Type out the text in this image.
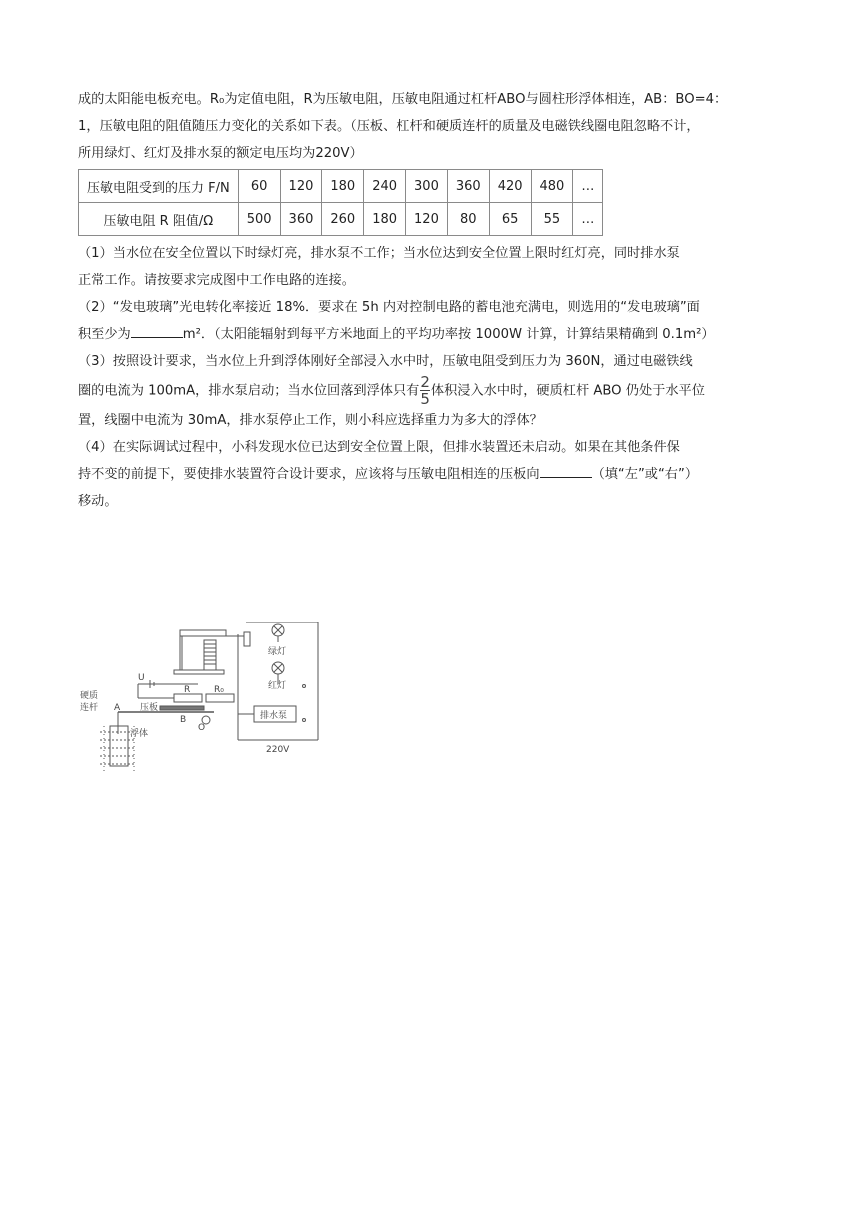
成的太阳能电板充电。R₀为定值电阻，R为压敏电阻，压敏电阻通过杠杆ABO与圆柱形浮体相连，AB：BO=4：

1，压敏电阻的阻值随压力变化的关系如下表。（压板、杠杆和硬质连杆的质量及电磁铁线圈电阻忽略不计，

所用绿灯、红灯及排水泵的额定电压均为220V）

压敏电阻受到的压力 F/N	60	120	180	240	300	360	420	480	…
压敏电阻 R 阻值/Ω	500	360	260	180	120	80	65	55	…

（1）当水位在安全位置以下时绿灯亮，排水泵不工作；当水位达到安全位置上限时红灯亮，同时排水泵

正常工作。请按要求完成图中工作电路的连接。

（2）“发电玻璃”光电转化率接近 18%．要求在 5h 内对控制电路的蓄电池充满电，则选用的“发电玻璃”面

积至少为	m²．（太阳能辐射到每平方米地面上的平均功率按 1000W 计算，计算结果精确到 0.1m²）

（3）按照设计要求，当水位上升到浮体刚好全部浸入水中时，压敏电阻受到压力为 360N，通过电磁铁线

圈的电流为 100mA，排水泵启动；当水位回落到浮体只有 $\frac{2}{5}$ 体积浸入水中时，硬质杠杆 ABO 仍处于水平位

置，线圈中电流为 30mA，排水泵停止工作，则小科应选择重力为多大的浮体？

（4）在实际调试过程中，小科发现水位已达到安全位置上限，但排水装置还未启动。如果在其他条件保

持不变的前提下，要使排水装置符合设计要求，应该将与压敏电阻相连的压板向	（填“左”或“右”）

移动。

绿灯
红灯
排水泵
220V
U
R	R₀
压板
硬质
连杆 A
B
O
浮体
